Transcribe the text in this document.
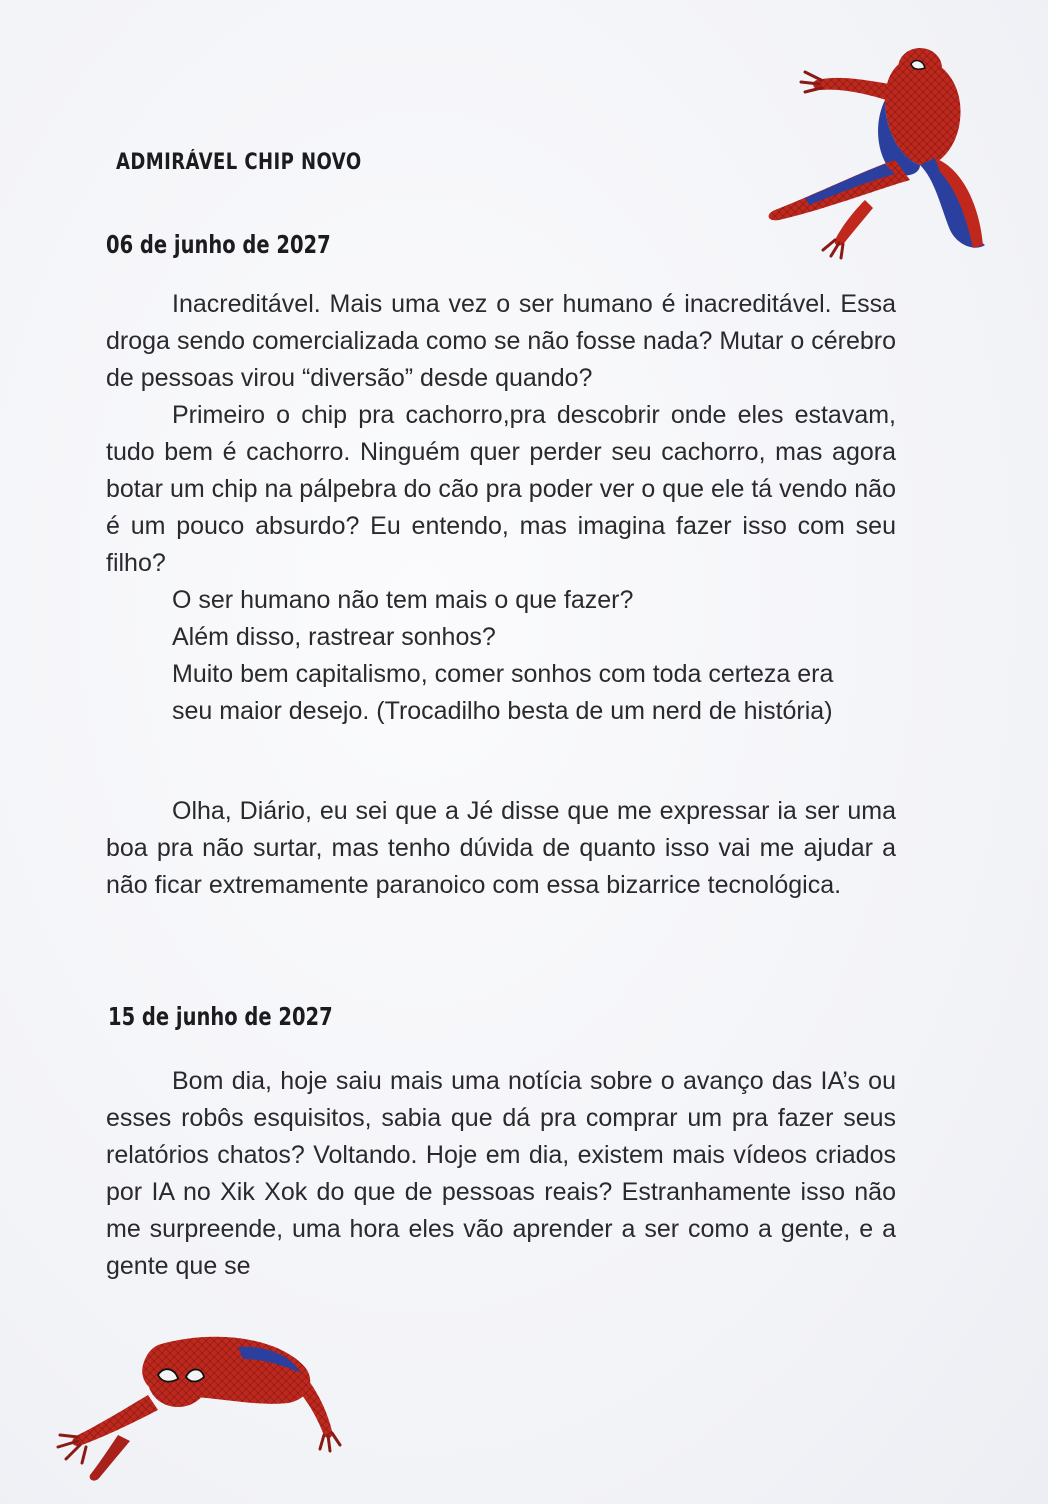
ADMIRÁVEL CHIP NOVO
06 de junho de 2027

Inacreditável. Mais uma vez o ser humano é inacreditável. Essa droga sendo comercializada como se não fosse nada? Mutar o cérebro de pessoas virou “diversão” desde quando?

Primeiro o chip pra cachorro,pra descobrir onde eles estavam, tudo bem é cachorro. Ninguém quer perder seu cachorro, mas agora botar um chip na pálpebra do cão pra poder ver o que ele tá vendo não é um pouco absurdo? Eu entendo, mas imagina fazer isso com seu filho?

O ser humano não tem mais o que fazer?

Além disso, rastrear sonhos?

Muito bem capitalismo, comer sonhos com toda certeza era seu maior desejo. (Trocadilho besta de um nerd de história)

Olha, Diário, eu sei que a Jé disse que me expressar ia ser uma boa pra não surtar, mas tenho dúvida de quanto isso vai me ajudar a não ficar extremamente paranoico com essa bizarrice tecnológica.

15 de junho de 2027

Bom dia, hoje saiu mais uma notícia sobre o avanço das IA’s ou esses robôs esquisitos, sabia que dá pra comprar um pra fazer seus relatórios chatos? Voltando. Hoje em dia, existem mais vídeos criados por IA no Xik Xok do que de pessoas reais? Estranhamente isso não me surpreende, uma hora eles vão aprender a ser como a gente, e a gente que se
